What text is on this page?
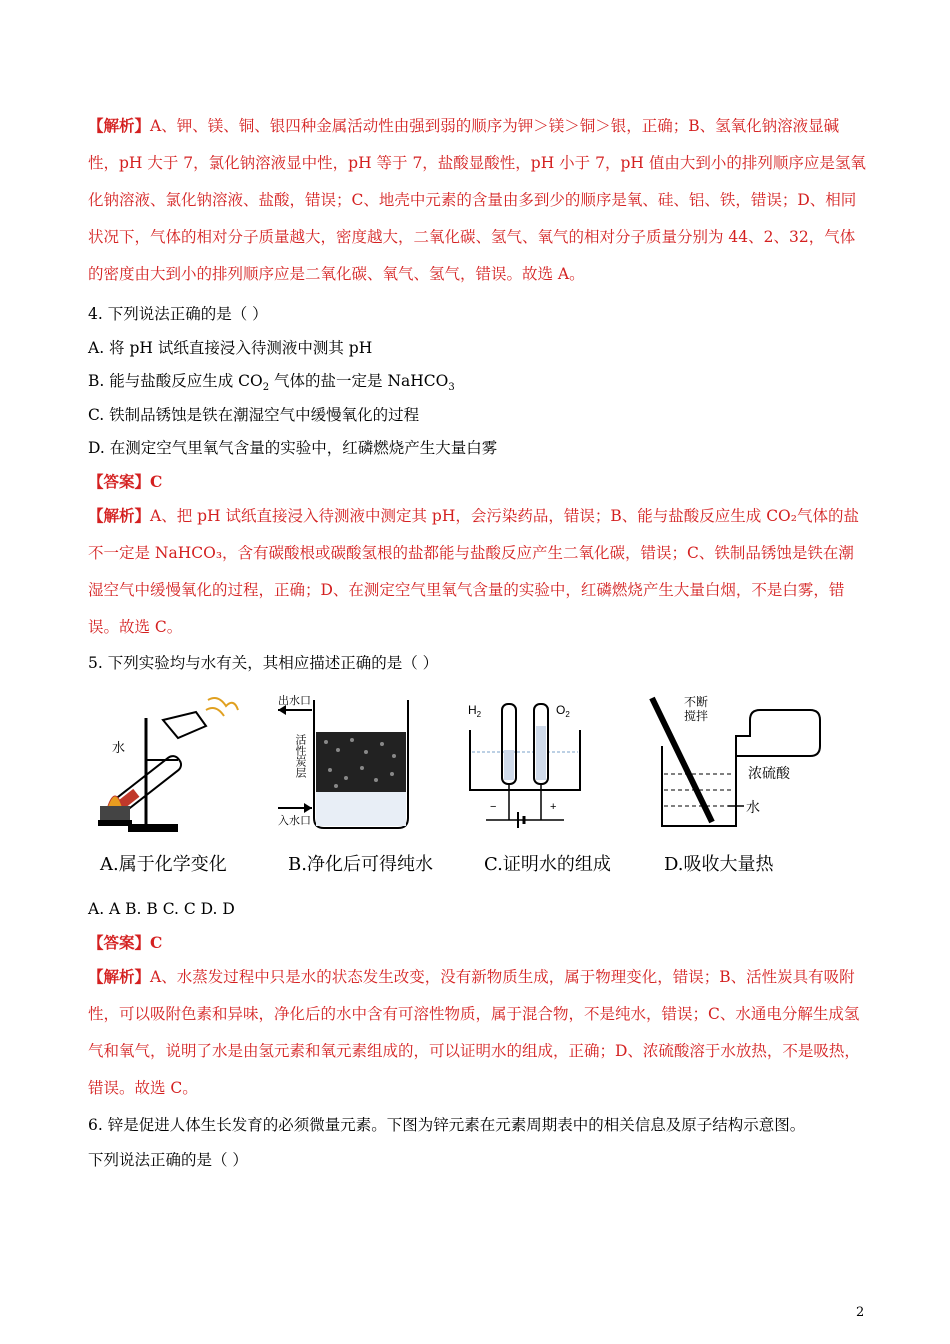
【解析】A、钾、镁、铜、银四种金属活动性由强到弱的顺序为钾＞镁＞铜＞银，正确；B、氢氧化钠溶液显碱性，pH 大于 7，氯化钠溶液显中性，pH 等于 7，盐酸显酸性，pH 小于 7，pH 值由大到小的排列顺序应是氢氧化钠溶液、氯化钠溶液、盐酸，错误；C、地壳中元素的含量由多到少的顺序是氧、硅、铝、铁，错误；D、相同状况下，气体的相对分子质量越大，密度越大，二氧化碳、氢气、氧气的相对分子质量分别为 44、2、32，气体的密度由大到小的排列顺序应是二氧化碳、氧气、氢气，错误。故选 A。
4. 下列说法正确的是（ ）
A. 将 pH 试纸直接浸入待测液中测其 pH
B. 能与盐酸反应生成 $CO_2$ 气体的盐一定是 NaHCO$_3$
C. 铁制品锈蚀是铁在潮湿空气中缓慢氧化的过程
D. 在测定空气里氧气含量的实验中，红磷燃烧产生大量白雾
【答案】C
【解析】A、把 pH 试纸直接浸入待测液中测定其 pH，会污染药品，错误；B、能与盐酸反应生成 CO₂气体的盐不一定是 NaHCO₃，含有碳酸根或碳酸氢根的盐都能与盐酸反应产生二氧化碳，错误；C、铁制品锈蚀是铁在潮湿空气中缓慢氧化的过程，正确；D、在测定空气里氧气含量的实验中，红磷燃烧产生大量白烟，不是白雾，错误。故选 C。
5. 下列实验均与水有关，其相应描述正确的是（ ）
水
出水口
入水口
活性炭层
$H_2$	$O_2$
−	+
不断
搅拌
浓硫酸
水
A.属于化学变化	B.净化后可得纯水	C.证明水的组成	D.吸收大量热
A. A B. B C. C D. D
【答案】C
【解析】A、水蒸发过程中只是水的状态发生改变，没有新物质生成，属于物理变化，错误；B、活性炭具有吸附性，可以吸附色素和异味，净化后的水中含有可溶性物质，属于混合物，不是纯水，错误；C、水通电分解生成氢气和氧气，说明了水是由氢元素和氧元素组成的，可以证明水的组成，正确；D、浓硫酸溶于水放热，不是吸热，错误。故选 C。
6. 锌是促进人体生长发育的必须微量元素。下图为锌元素在元素周期表中的相关信息及原子结构示意图。
下列说法正确的是（ ）
2
